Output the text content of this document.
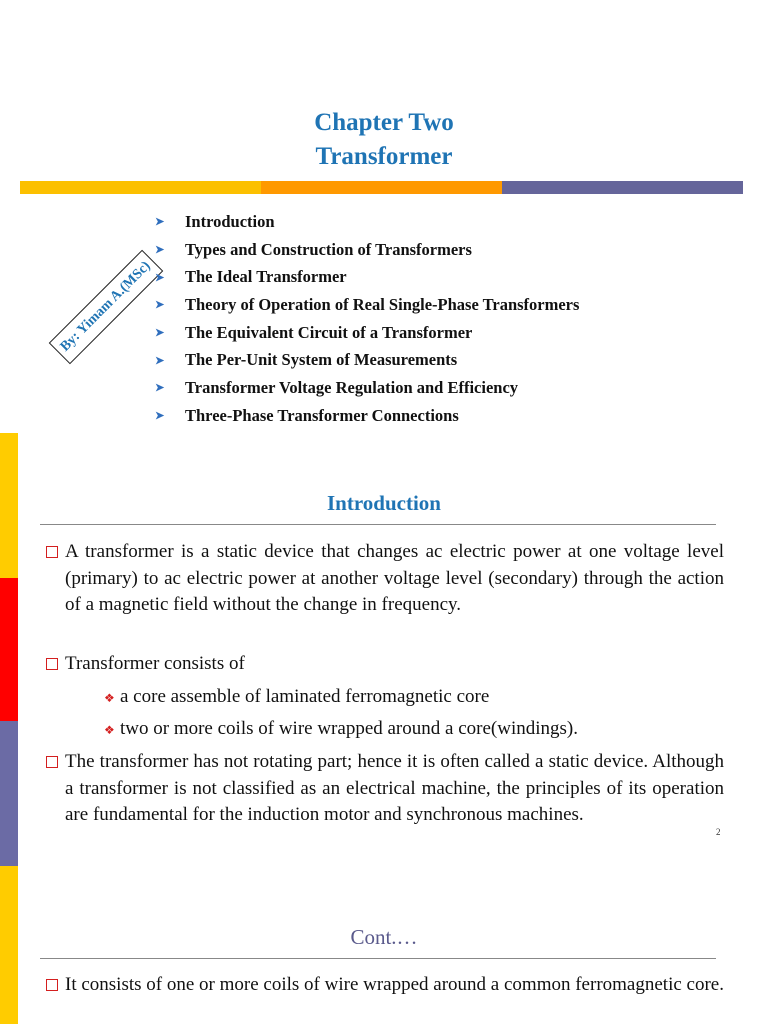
Chapter Two
Transformer
By: Yimam A.(MSc)
➤	Introduction
➤	Types and Construction of Transformers
➤	The Ideal Transformer
➤	Theory of Operation of Real Single-Phase Transformers
➤	The Equivalent Circuit of a Transformer
➤	The Per-Unit System of Measurements
➤	Transformer Voltage Regulation and Efficiency
➤	Three-Phase Transformer Connections
Introduction
A transformer is a static device that changes ac electric power at one voltage level (primary) to ac electric power at another voltage level (secondary) through the action of a magnetic field without the change in frequency.
Transformer consists of
❖ a core assemble of laminated ferromagnetic core
❖ two or more coils of wire wrapped around a core(windings).
The transformer has not rotating part; hence it is often called a static device. Although a transformer is not classified as an electrical machine, the principles of its operation are fundamental for the induction motor and synchronous machines.
2
Cont.…
It consists of one or more coils of wire wrapped around a common ferromagnetic core.
